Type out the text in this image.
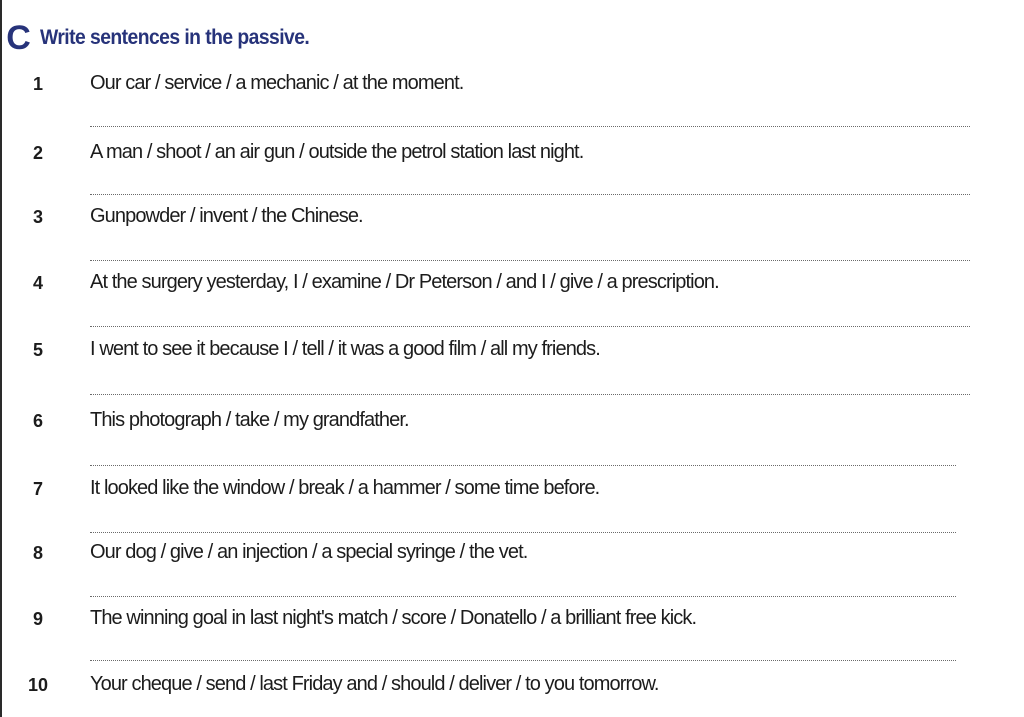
C Write sentences in the passive.
1	Our car / service / a mechanic / at the moment.
2	A man / shoot / an air gun / outside the petrol station last night.
3	Gunpowder / invent / the Chinese.
4	At the surgery yesterday, I / examine / Dr Peterson / and I / give / a prescription.
5	I went to see it because I / tell / it was a good film / all my friends.
6	This photograph / take / my grandfather.
7	It looked like the window / break / a hammer / some time before.
8	Our dog / give / an injection / a special syringe / the vet.
9	The winning goal in last night's match / score / Donatello / a brilliant free kick.
10	Your cheque / send / last Friday and / should / deliver / to you tomorrow.
